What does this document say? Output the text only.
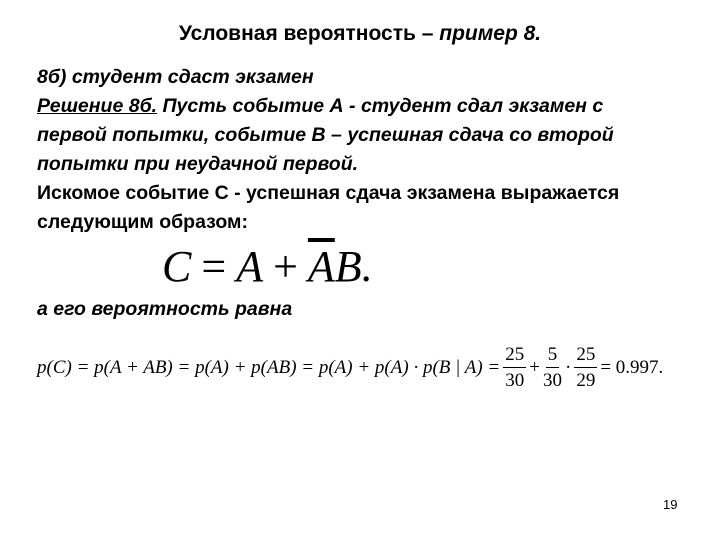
Условная вероятность – пример 8.
8б) студент сдаст экзамен
Решение 8б. Пусть событие А - студент сдал экзамен с
первой попытки, событие В – успешная сдача со второй
попытки при неудачной первой.
Искомое событие С - успешная сдача экзамена выражается
следующим образом:
$C = A + \overline{A}B$.
а его вероятность равна
p(C) = p(A + AB) = p(A) + p(AB) = p(A) + p(A) · p(B | $A) = \frac{25}{30} + \frac{5}{30} \cdot \frac{25}{29} = 0.997$.
19
